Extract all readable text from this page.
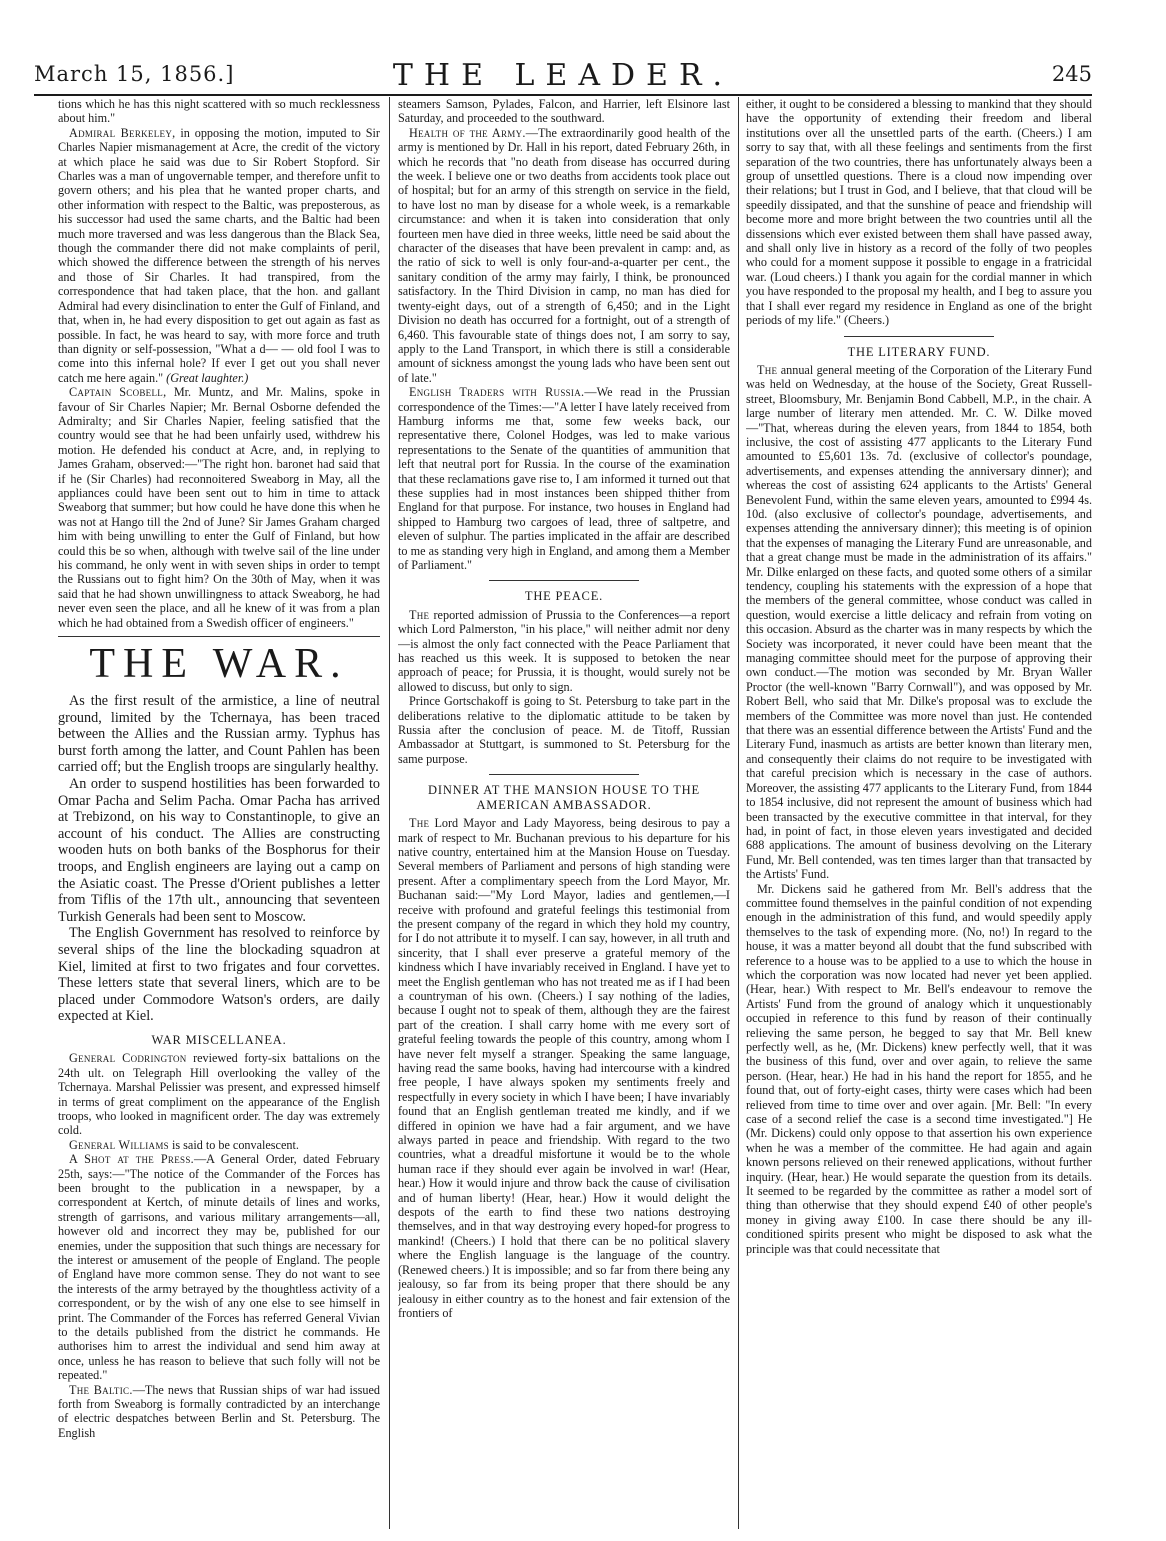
March 15, 1856.]	THE LEADER.	245

tions which he has this night scattered with so much recklessness about him."

Admiral Berkeley, in opposing the motion, imputed to Sir Charles Napier mismanagement at Acre, the credit of the victory at which place he said was due to Sir Robert Stopford. Sir Charles was a man of ungovernable temper, and therefore unfit to govern others; and his plea that he wanted proper charts, and other information with respect to the Baltic, was preposterous, as his successor had used the same charts, and the Baltic had been much more traversed and was less dangerous than the Black Sea, though the commander there did not make complaints of peril, which showed the difference between the strength of his nerves and those of Sir Charles. It had transpired, from the correspondence that had taken place, that the hon. and gallant Admiral had every disinclination to enter the Gulf of Finland, and that, when in, he had every disposition to get out again as fast as possible. In fact, he was heard to say, with more force and truth than dignity or self-possession, "What a d— — old fool I was to come into this infernal hole? If ever I get out you shall never catch me here again." (Great laughter.)

Captain Scobell, Mr. Muntz, and Mr. Malins, spoke in favour of Sir Charles Napier; Mr. Bernal Osborne defended the Admiralty; and Sir Charles Napier, feeling satisfied that the country would see that he had been unfairly used, withdrew his motion. He defended his conduct at Acre, and, in replying to James Graham, observed:—"The right hon. baronet had said that if he (Sir Charles) had reconnoitered Sweaborg in May, all the appliances could have been sent out to him in time to attack Sweaborg that summer; but how could he have done this when he was not at Hango till the 2nd of June? Sir James Graham charged him with being unwilling to enter the Gulf of Finland, but how could this be so when, although with twelve sail of the line under his command, he only went in with seven ships in order to tempt the Russians out to fight him? On the 30th of May, when it was said that he had shown unwillingness to attack Sweaborg, he had never even seen the place, and all he knew of it was from a plan which he had obtained from a Swedish officer of engineers."

THE WAR.

As the first result of the armistice, a line of neutral ground, limited by the Tchernaya, has been traced between the Allies and the Russian army. Typhus has burst forth among the latter, and Count Pahlen has been carried off; but the English troops are singularly healthy.

An order to suspend hostilities has been forwarded to Omar Pacha and Selim Pacha. Omar Pacha has arrived at Trebizond, on his way to Constantinople, to give an account of his conduct. The Allies are constructing wooden huts on both banks of the Bosphorus for their troops, and English engineers are laying out a camp on the Asiatic coast. The Presse d'Orient publishes a letter from Tiflis of the 17th ult., announcing that seventeen Turkish Generals had been sent to Moscow.

The English Government has resolved to reinforce by several ships of the line the blockading squadron at Kiel, limited at first to two frigates and four corvettes. These letters state that several liners, which are to be placed under Commodore Watson's orders, are daily expected at Kiel.

WAR MISCELLANEA.

General Codrington reviewed forty-six battalions on the 24th ult. on Telegraph Hill overlooking the valley of the Tchernaya. Marshal Pelissier was present, and expressed himself in terms of great compliment on the appearance of the English troops, who looked in magnificent order. The day was extremely cold.

General Williams is said to be convalescent.

A Shot at the Press.—A General Order, dated February 25th, says:—"The notice of the Commander of the Forces has been brought to the publication in a newspaper, by a correspondent at Kertch, of minute details of lines and works, strength of garrisons, and various military arrangements—all, however old and incorrect they may be, published for our enemies, under the supposition that such things are necessary for the interest or amusement of the people of England. The people of England have more common sense. They do not want to see the interests of the army betrayed by the thoughtless activity of a correspondent, or by the wish of any one else to see himself in print. The Commander of the Forces has referred General Vivian to the details published from the district he commands. He authorises him to arrest the individual and send him away at once, unless he has reason to believe that such folly will not be repeated."

The Baltic.—The news that Russian ships of war had issued forth from Sweaborg is formally contradicted by an interchange of electric despatches between Berlin and St. Petersburg. The English

steamers Samson, Pylades, Falcon, and Harrier, left Elsinore last Saturday, and proceeded to the southward.

Health of the Army.—The extraordinarily good health of the army is mentioned by Dr. Hall in his report, dated February 26th, in which he records that "no death from disease has occurred during the week. I believe one or two deaths from accidents took place out of hospital; but for an army of this strength on service in the field, to have lost no man by disease for a whole week, is a remarkable circumstance: and when it is taken into consideration that only fourteen men have died in three weeks, little need be said about the character of the diseases that have been prevalent in camp: and, as the ratio of sick to well is only four-and-a-quarter per cent., the sanitary condition of the army may fairly, I think, be pronounced satisfactory. In the Third Division in camp, no man has died for twenty-eight days, out of a strength of 6,450; and in the Light Division no death has occurred for a fortnight, out of a strength of 6,460. This favourable state of things does not, I am sorry to say, apply to the Land Transport, in which there is still a considerable amount of sickness amongst the young lads who have been sent out of late."

English Traders with Russia.—We read in the Prussian correspondence of the Times:—"A letter I have lately received from Hamburg informs me that, some few weeks back, our representative there, Colonel Hodges, was led to make various representations to the Senate of the quantities of ammunition that left that neutral port for Russia. In the course of the examination that these reclamations gave rise to, I am informed it turned out that these supplies had in most instances been shipped thither from England for that purpose. For instance, two houses in England had shipped to Hamburg two cargoes of lead, three of saltpetre, and eleven of sulphur. The parties implicated in the affair are described to me as standing very high in England, and among them a Member of Parliament."

THE PEACE.

The reported admission of Prussia to the Conferences—a report which Lord Palmerston, "in his place," will neither admit nor deny—is almost the only fact connected with the Peace Parliament that has reached us this week. It is supposed to betoken the near approach of peace; for Prussia, it is thought, would surely not be allowed to discuss, but only to sign.

Prince Gortschakoff is going to St. Petersburg to take part in the deliberations relative to the diplomatic attitude to be taken by Russia after the conclusion of peace. M. de Titoff, Russian Ambassador at Stuttgart, is summoned to St. Petersburg for the same purpose.

DINNER AT THE MANSION HOUSE TO THE AMERICAN AMBASSADOR.

The Lord Mayor and Lady Mayoress, being desirous to pay a mark of respect to Mr. Buchanan previous to his departure for his native country, entertained him at the Mansion House on Tuesday. Several members of Parliament and persons of high standing were present. After a complimentary speech from the Lord Mayor, Mr. Buchanan said:—"My Lord Mayor, ladies and gentlemen,—I receive with profound and grateful feelings this testimonial from the present company of the regard in which they hold my country, for I do not attribute it to myself. I can say, however, in all truth and sincerity, that I shall ever preserve a grateful memory of the kindness which I have invariably received in England. I have yet to meet the English gentleman who has not treated me as if I had been a countryman of his own. (Cheers.) I say nothing of the ladies, because I ought not to speak of them, although they are the fairest part of the creation. I shall carry home with me every sort of grateful feeling towards the people of this country, among whom I have never felt myself a stranger. Speaking the same language, having read the same books, having had intercourse with a kindred free people, I have always spoken my sentiments freely and respectfully in every society in which I have been; I have invariably found that an English gentleman treated me kindly, and if we differed in opinion we have had a fair argument, and we have always parted in peace and friendship. With regard to the two countries, what a dreadful misfortune it would be to the whole human race if they should ever again be involved in war! (Hear, hear.) How it would injure and throw back the cause of civilisation and of human liberty! (Hear, hear.) How it would delight the despots of the earth to find these two nations destroying themselves, and in that way destroying every hoped-for progress to mankind! (Cheers.) I hold that there can be no political slavery where the English language is the language of the country. (Renewed cheers.) It is impossible; and so far from there being any jealousy, so far from its being proper that there should be any jealousy in either country as to the honest and fair extension of the frontiers of

either, it ought to be considered a blessing to mankind that they should have the opportunity of extending their freedom and liberal institutions over all the unsettled parts of the earth. (Cheers.) I am sorry to say that, with all these feelings and sentiments from the first separation of the two countries, there has unfortunately always been a group of unsettled questions. There is a cloud now impending over their relations; but I trust in God, and I believe, that that cloud will be speedily dissipated, and that the sunshine of peace and friendship will become more and more bright between the two countries until all the dissensions which ever existed between them shall have passed away, and shall only live in history as a record of the folly of two peoples who could for a moment suppose it possible to engage in a fratricidal war. (Loud cheers.) I thank you again for the cordial manner in which you have responded to the proposal my health, and I beg to assure you that I shall ever regard my residence in England as one of the bright periods of my life." (Cheers.)

THE LITERARY FUND.

The annual general meeting of the Corporation of the Literary Fund was held on Wednesday, at the house of the Society, Great Russell-street, Bloomsbury, Mr. Benjamin Bond Cabbell, M.P., in the chair. A large number of literary men attended. Mr. C. W. Dilke moved—"That, whereas during the eleven years, from 1844 to 1854, both inclusive, the cost of assisting 477 applicants to the Literary Fund amounted to £5,601 13s. 7d. (exclusive of collector's poundage, advertisements, and expenses attending the anniversary dinner); and whereas the cost of assisting 624 applicants to the Artists' General Benevolent Fund, within the same eleven years, amounted to £994 4s. 10d. (also exclusive of collector's poundage, advertisements, and expenses attending the anniversary dinner); this meeting is of opinion that the expenses of managing the Literary Fund are unreasonable, and that a great change must be made in the administration of its affairs." Mr. Dilke enlarged on these facts, and quoted some others of a similar tendency, coupling his statements with the expression of a hope that the members of the general committee, whose conduct was called in question, would exercise a little delicacy and refrain from voting on this occasion. Absurd as the charter was in many respects by which the Society was incorporated, it never could have been meant that the managing committee should meet for the purpose of approving their own conduct.—The motion was seconded by Mr. Bryan Waller Proctor (the well-known "Barry Cornwall"), and was opposed by Mr. Robert Bell, who said that Mr. Dilke's proposal was to exclude the members of the Committee was more novel than just. He contended that there was an essential difference between the Artists' Fund and the Literary Fund, inasmuch as artists are better known than literary men, and consequently their claims do not require to be investigated with that careful precision which is necessary in the case of authors. Moreover, the assisting 477 applicants to the Literary Fund, from 1844 to 1854 inclusive, did not represent the amount of business which had been transacted by the executive committee in that interval, for they had, in point of fact, in those eleven years investigated and decided 688 applications. The amount of business devolving on the Literary Fund, Mr. Bell contended, was ten times larger than that transacted by the Artists' Fund.

Mr. Dickens said he gathered from Mr. Bell's address that the committee found themselves in the painful condition of not expending enough in the administration of this fund, and would speedily apply themselves to the task of expending more. (No, no!) In regard to the house, it was a matter beyond all doubt that the fund subscribed with reference to a house was to be applied to a use to which the house in which the corporation was now located had never yet been applied. (Hear, hear.) With respect to Mr. Bell's endeavour to remove the Artists' Fund from the ground of analogy which it unquestionably occupied in reference to this fund by reason of their continually relieving the same person, he begged to say that Mr. Bell knew perfectly well, as he, (Mr. Dickens) knew perfectly well, that it was the business of this fund, over and over again, to relieve the same person. (Hear, hear.) He had in his hand the report for 1855, and he found that, out of forty-eight cases, thirty were cases which had been relieved from time to time over and over again. [Mr. Bell: "In every case of a second relief the case is a second time investigated."] He (Mr. Dickens) could only oppose to that assertion his own experience when he was a member of the committee. He had again and again known persons relieved on their renewed applications, without further inquiry. (Hear, hear.) He would separate the question from its details. It seemed to be regarded by the committee as rather a model sort of thing than otherwise that they should expend £40 of other people's money in giving away £100. In case there should be any ill-conditioned spirits present who might be disposed to ask what the principle was that could necessitate that
